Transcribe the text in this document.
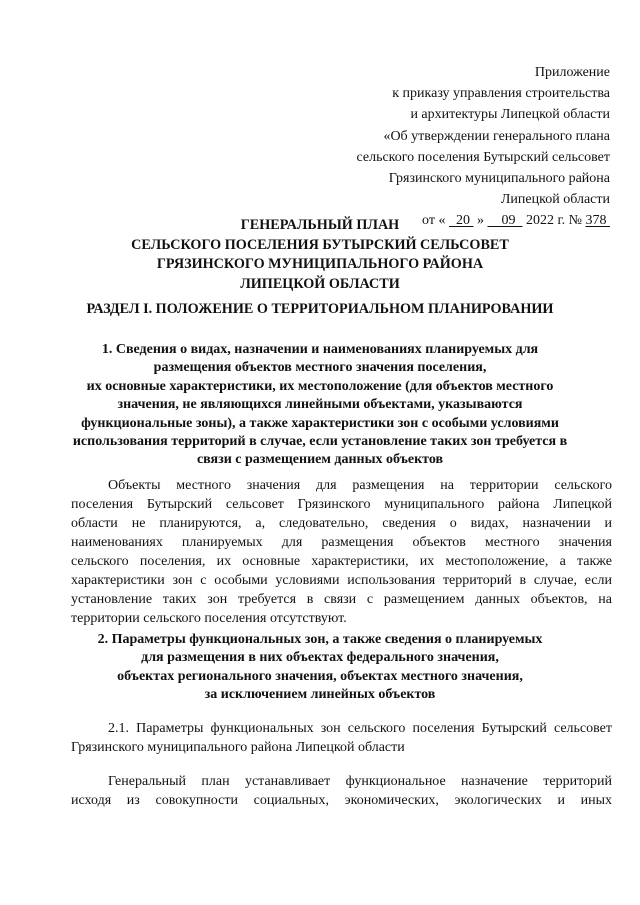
Приложение
к приказу управления строительства
и архитектуры Липецкой области
«Об утверждении генерального плана
сельского поселения Бутырский сельсовет
Грязинского муниципального района
Липецкой области
от « 20 » 09 2022 г. № 378
ГЕНЕРАЛЬНЫЙ ПЛАН
СЕЛЬСКОГО ПОСЕЛЕНИЯ БУТЫРСКИЙ СЕЛЬСОВЕТ
ГРЯЗИНСКОГО МУНИЦИПАЛЬНОГО РАЙОНА
ЛИПЕЦКОЙ ОБЛАСТИ
РАЗДЕЛ I. ПОЛОЖЕНИЕ О ТЕРРИТОРИАЛЬНОМ ПЛАНИРОВАНИИ
1. Сведения о видах, назначении и наименованиях планируемых для
размещения объектов местного значения поселения,
их основные характеристики, их местоположение (для объектов местного
значения, не являющихся линейными объектами, указываются
функциональные зоны), а также характеристики зон с особыми условиями
использования территорий в случае, если установление таких зон требуется в
связи с размещением данных объектов
Объекты местного значения для размещения на территории сельского
поселения Бутырский сельсовет Грязинского муниципального района Липецкой
области не планируются, а, следовательно, сведения о видах, назначении и
наименованиях планируемых для размещения объектов местного значения
сельского поселения, их основные характеристики, их местоположение, а также
характеристики зон с особыми условиями использования территорий в случае, если
установление таких зон требуется в связи с размещением данных объектов, на
территории сельского поселения отсутствуют.
2. Параметры функциональных зон, а также сведения о планируемых
для размещения в них объектах федерального значения,
объектах регионального значения, объектах местного значения,
за исключением линейных объектов
2.1. Параметры функциональных зон сельского поселения Бутырский сельсовет
Грязинского муниципального района Липецкой области
Генеральный план устанавливает функциональное назначение территорий
исходя из совокупности социальных, экономических, экологических и иных
